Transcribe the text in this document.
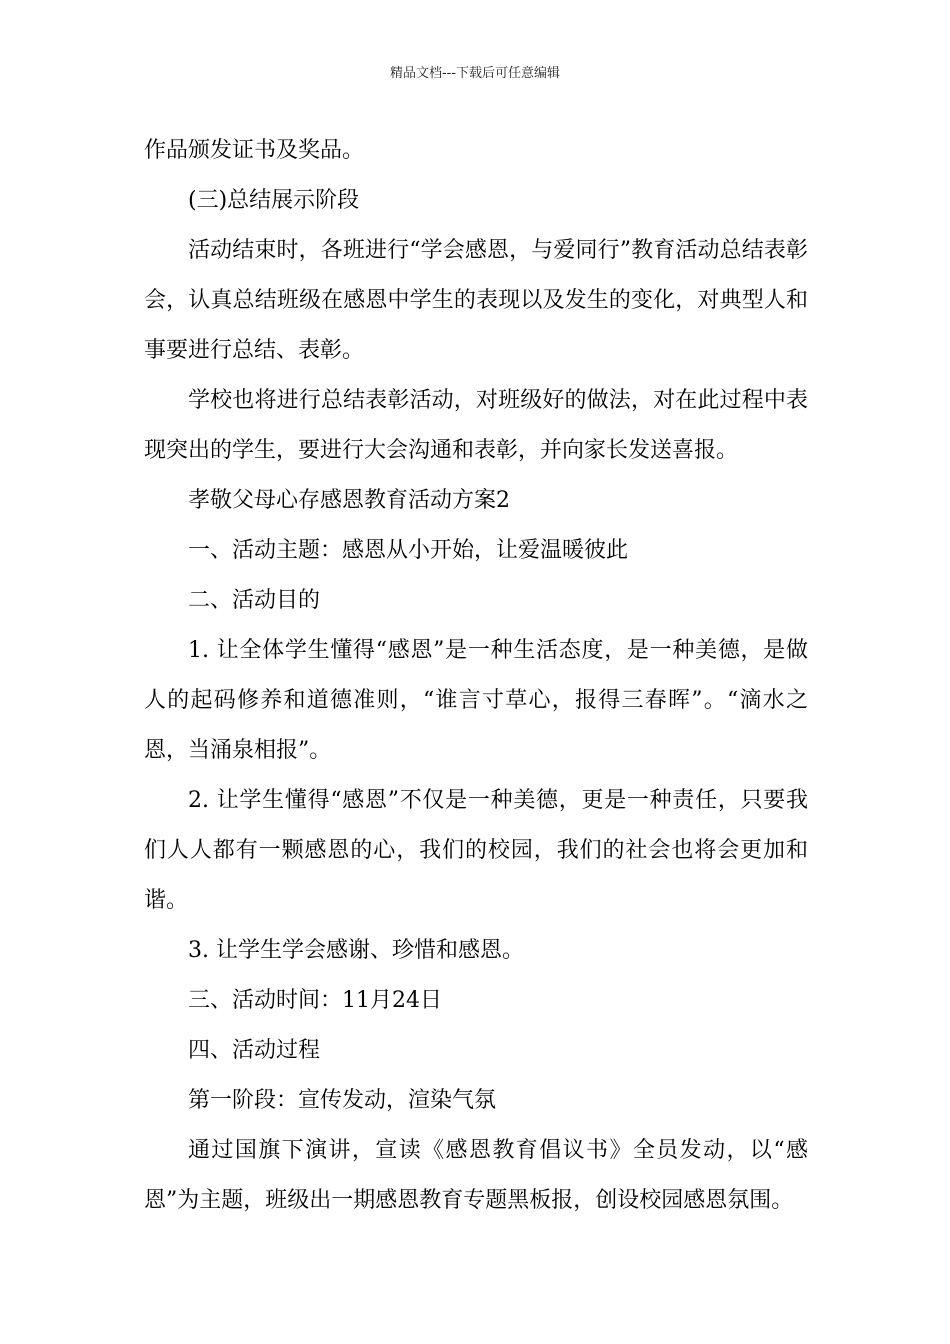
精品文档---下载后可任意编辑

作品颁发证书及奖品。

(三)总结展示阶段

活动结束时，各班进行“学会感恩，与爱同行”教育活动总结表彰会，认真总结班级在感恩中学生的表现以及发生的变化，对典型人和事要进行总结、表彰。

学校也将进行总结表彰活动，对班级好的做法，对在此过程中表现突出的学生，要进行大会沟通和表彰，并向家长发送喜报。

孝敬父母心存感恩教育活动方案2

一、活动主题：感恩从小开始，让爱温暖彼此

二、活动目的

1. 让全体学生懂得“感恩”是一种生活态度，是一种美德，是做人的起码修养和道德准则，“谁言寸草心，报得三春晖”。“滴水之恩，当涌泉相报”。

2. 让学生懂得“感恩”不仅是一种美德，更是一种责任，只要我们人人都有一颗感恩的心，我们的校园，我们的社会也将会更加和谐。

3. 让学生学会感谢、珍惜和感恩。

三、活动时间：11月24日

四、活动过程

第一阶段：宣传发动，渲染气氛

通过国旗下演讲，宣读《感恩教育倡议书》全员发动，以“感恩”为主题，班级出一期感恩教育专题黑板报，创设校园感恩氛围。
